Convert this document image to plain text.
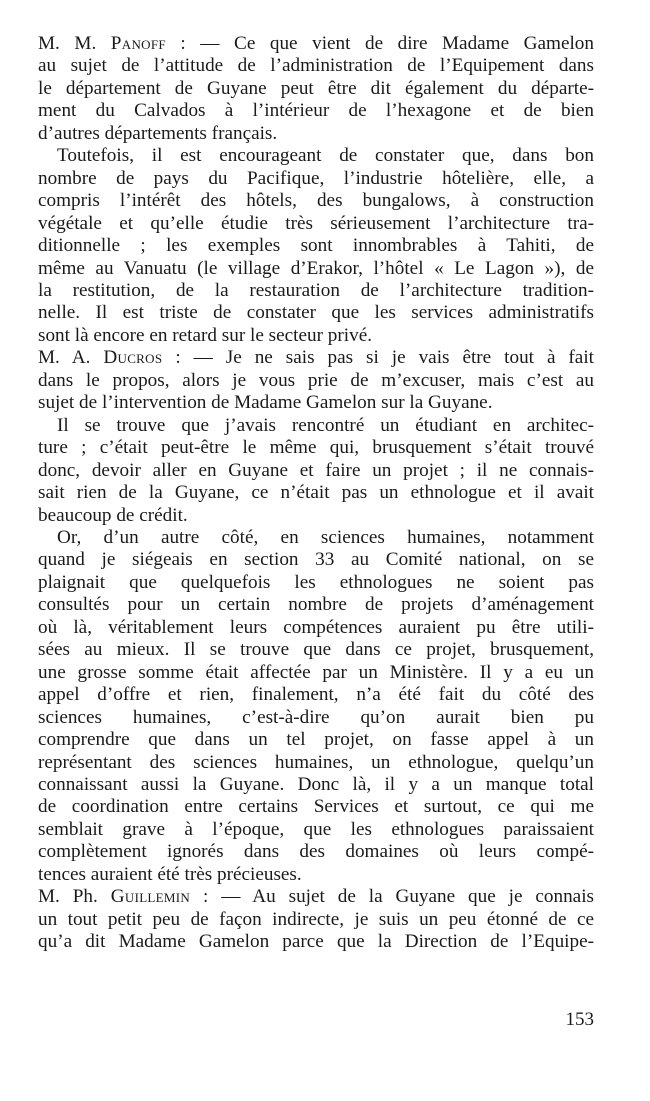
M. M. Panoff : — Ce que vient de dire Madame Gamelon
au sujet de l’attitude de l’administration de l’Equipement dans
le département de Guyane peut être dit également du départe-
ment du Calvados à l’intérieur de l’hexagone et de bien
d’autres départements français.

Toutefois, il est encourageant de constater que, dans bon
nombre de pays du Pacifique, l’industrie hôtelière, elle, a
compris l’intérêt des hôtels, des bungalows, à construction
végétale et qu’elle étudie très sérieusement l’architecture tra-
ditionnelle ; les exemples sont innombrables à Tahiti, de
même au Vanuatu (le village d’Erakor, l’hôtel « Le Lagon »), de
la restitution, de la restauration de l’architecture tradition-
nelle. Il est triste de constater que les services administratifs
sont là encore en retard sur le secteur privé.

M. A. Ducros : — Je ne sais pas si je vais être tout à fait
dans le propos, alors je vous prie de m’excuser, mais c’est au
sujet de l’intervention de Madame Gamelon sur la Guyane.

Il se trouve que j’avais rencontré un étudiant en architec-
ture ; c’était peut-être le même qui, brusquement s’était trouvé
donc, devoir aller en Guyane et faire un projet ; il ne connais-
sait rien de la Guyane, ce n’était pas un ethnologue et il avait
beaucoup de crédit.

Or, d’un autre côté, en sciences humaines, notamment
quand je siégeais en section 33 au Comité national, on se
plaignait que quelquefois les ethnologues ne soient pas
consultés pour un certain nombre de projets d’aménagement
où là, véritablement leurs compétences auraient pu être utili-
sées au mieux. Il se trouve que dans ce projet, brusquement,
une grosse somme était affectée par un Ministère. Il y a eu un
appel d’offre et rien, finalement, n’a été fait du côté des
sciences humaines, c’est-à-dire qu’on aurait bien pu
comprendre que dans un tel projet, on fasse appel à un
représentant des sciences humaines, un ethnologue, quelqu’un
connaissant aussi la Guyane. Donc là, il y a un manque total
de coordination entre certains Services et surtout, ce qui me
semblait grave à l’époque, que les ethnologues paraissaient
complètement ignorés dans des domaines où leurs compé-
tences auraient été très précieuses.

M. Ph. Guillemin : — Au sujet de la Guyane que je connais
un tout petit peu de façon indirecte, je suis un peu étonné de ce
qu’a dit Madame Gamelon parce que la Direction de l’Equipe-

153
